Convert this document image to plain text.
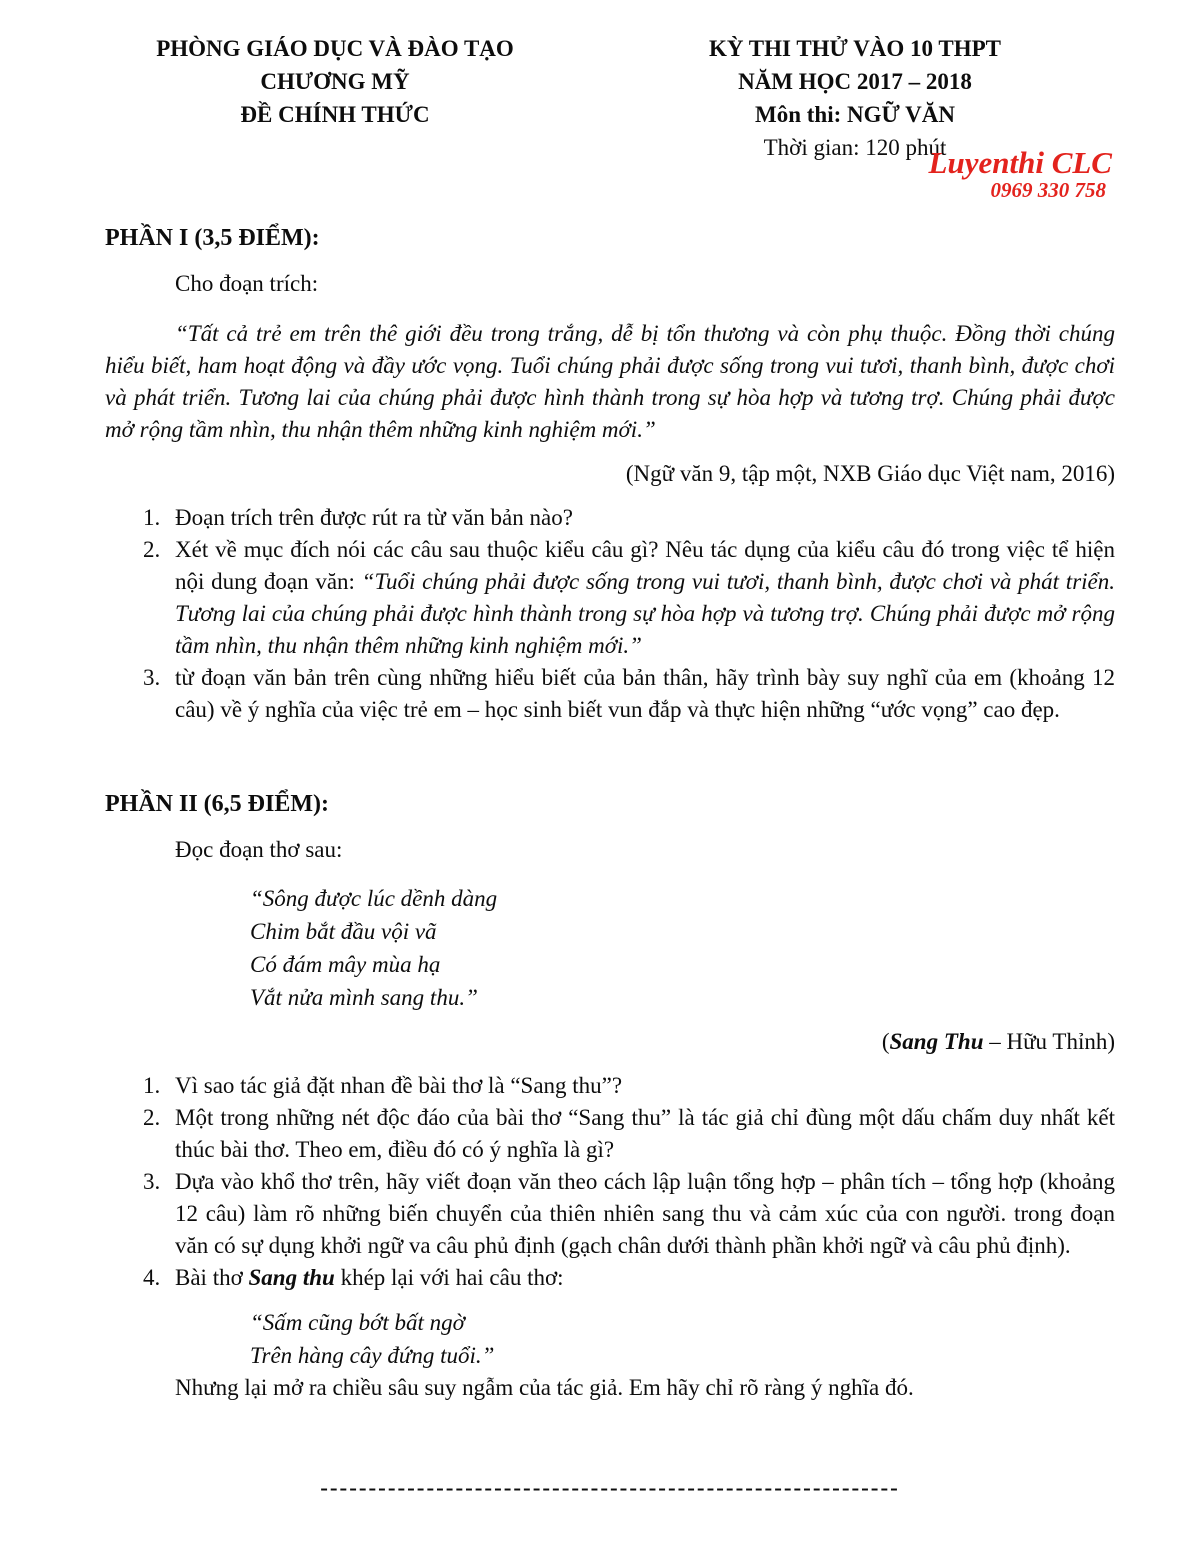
PHÒNG GIÁO DỤC VÀ ĐÀO TẠO
CHƯƠNG MỸ
ĐỀ CHÍNH THỨC
KỲ THI THỬ VÀO 10 THPT
NĂM HỌC 2017 – 2018
Môn thi: NGỮ VĂN
Thời gian: 120 phút
Luyenthi CLC
0969 330 758
PHẦN I (3,5 ĐIỂM):
Cho đoạn trích:
“Tất cả trẻ em trên thê giới đều trong trắng, dễ bị tổn thương và còn phụ thuộc. Đồng thời chúng hiểu biết, ham hoạt động và đầy ước vọng. Tuổi chúng phải được sống trong vui tươi, thanh bình, được chơi và phát triển. Tương lai của chúng phải được hình thành trong sự hòa hợp và tương trợ. Chúng phải được mở rộng tầm nhìn, thu nhận thêm những kinh nghiệm mới.”
(Ngữ văn 9, tập một, NXB Giáo dục Việt nam, 2016)
1. Đoạn trích trên được rút ra từ văn bản nào?
2. Xét về mục đích nói các câu sau thuộc kiểu câu gì? Nêu tác dụng của kiểu câu đó trong việc tể hiện nội dung đoạn văn: “Tuổi chúng phải được sống trong vui tươi, thanh bình, được chơi và phát triển. Tương lai của chúng phải được hình thành trong sự hòa hợp và tương trợ. Chúng phải được mở rộng tầm nhìn, thu nhận thêm những kinh nghiệm mới.”
3. từ đoạn văn bản trên cùng những hiểu biết của bản thân, hãy trình bày suy nghĩ của em (khoảng 12 câu) về ý nghĩa của việc trẻ em – học sinh biết vun đắp và thực hiện những “ước vọng” cao đẹp.
PHẦN II (6,5 ĐIỂM):
Đọc đoạn thơ sau:
“Sông được lúc dềnh dàng
Chim bắt đầu vội vã
Có đám mây mùa hạ
Vắt nửa mình sang thu.”
(Sang Thu – Hữu Thỉnh)
1. Vì sao tác giả đặt nhan đề bài thơ là “Sang thu”?
2. Một trong những nét độc đáo của bài thơ “Sang thu” là tác giả chỉ đùng một dấu chấm duy nhất kết thúc bài thơ. Theo em, điều đó có ý nghĩa là gì?
3. Dựa vào khổ thơ trên, hãy viết đoạn văn theo cách lập luận tổng hợp – phân tích – tổng hợp (khoảng 12 câu) làm rõ những biến chuyển của thiên nhiên sang thu và cảm xúc của con người. trong đoạn văn có sự dụng khởi ngữ va câu phủ định (gạch chân dưới thành phần khởi ngữ và câu phủ định).
4. Bài thơ Sang thu khép lại với hai câu thơ:
“Sấm cũng bớt bất ngờ
Trên hàng cây đứng tuổi.”
Nhưng lại mở ra chiều sâu suy ngẫm của tác giả. Em hãy chỉ rõ ràng ý nghĩa đó.
------------------------------------------------------------
